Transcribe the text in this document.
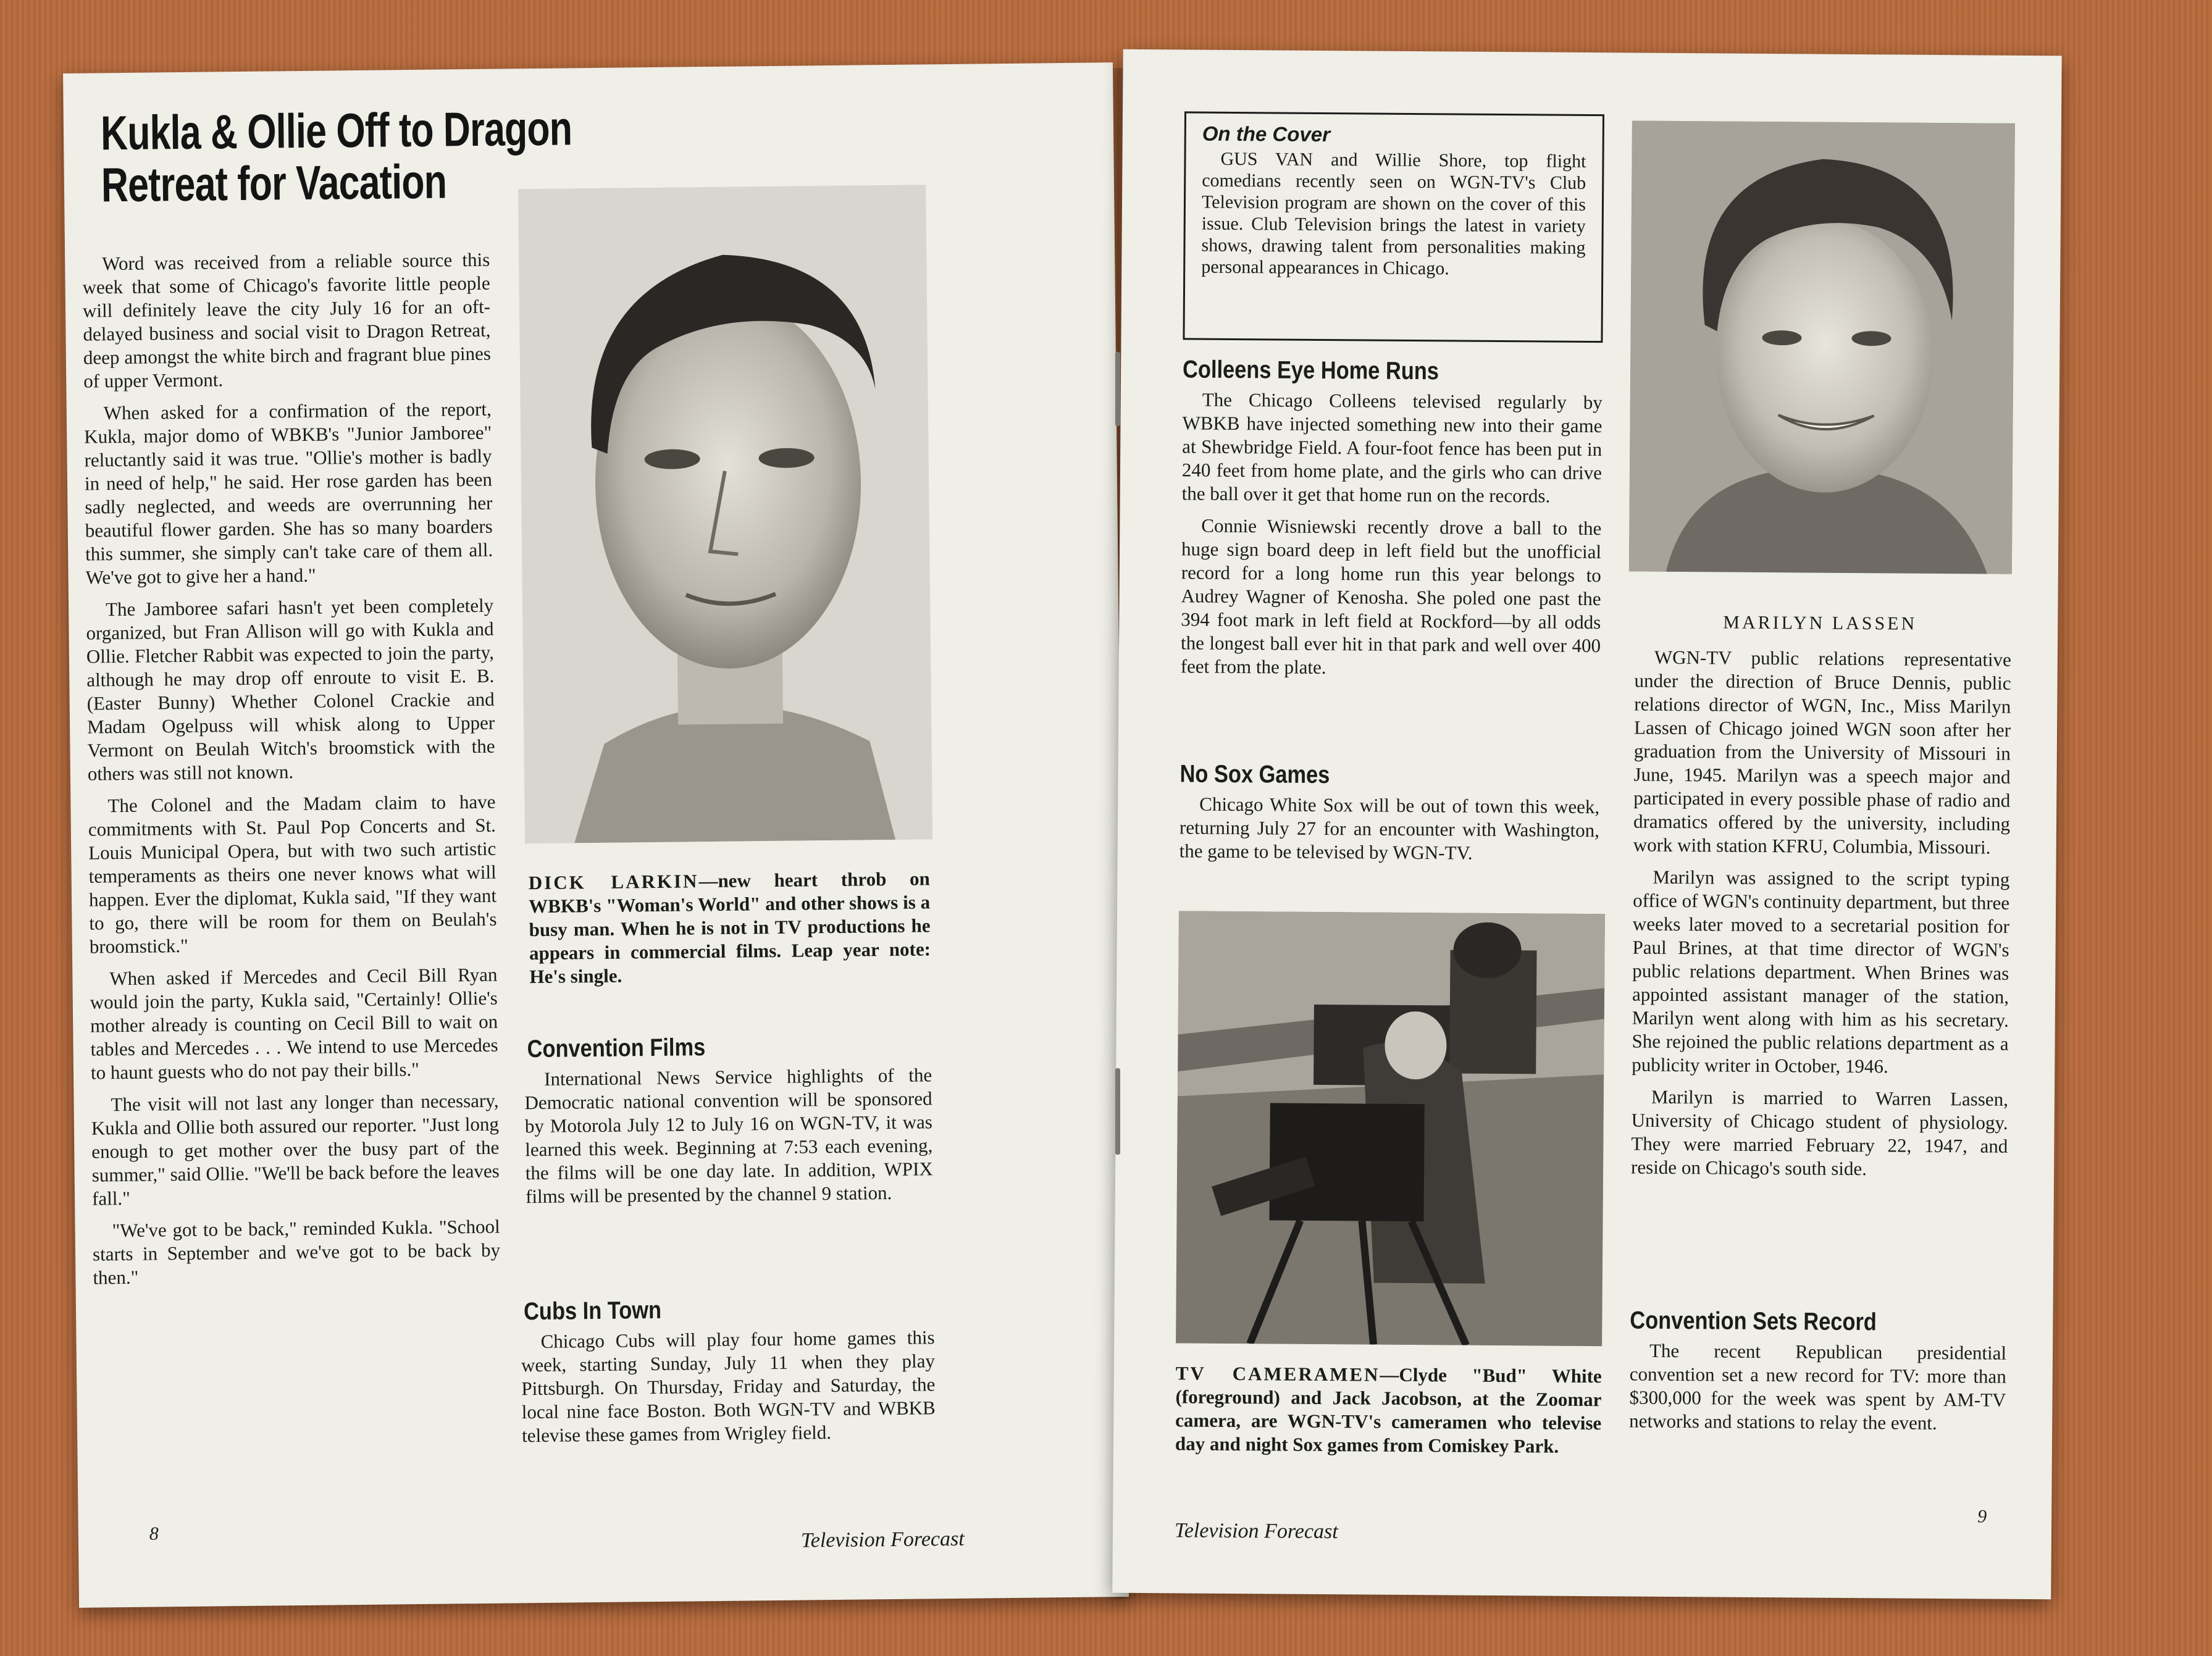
Kukla & Ollie Off to Dragon Retreat for Vacation

Word was received from a reliable source this week that some of Chicago's favorite little people will definitely leave the city July 16 for an oft-delayed business and social visit to Dragon Retreat, deep amongst the white birch and fragrant blue pines of upper Vermont.

When asked for a confirmation of the report, Kukla, major domo of WBKB's "Junior Jamboree" reluctantly said it was true. "Ollie's mother is badly in need of help," he said. Her rose garden has been sadly neglected, and weeds are overrunning her beautiful flower garden. She has so many boarders this summer, she simply can't take care of them all. We've got to give her a hand."

The Jamboree safari hasn't yet been completely organized, but Fran Allison will go with Kukla and Ollie. Fletcher Rabbit was expected to join the party, although he may drop off enroute to visit E. B. (Easter Bunny) Whether Colonel Crackie and Madam Ogelpuss will whisk along to Upper Vermont on Beulah Witch's broomstick with the others was still not known.

The Colonel and the Madam claim to have commitments with St. Paul Pop Concerts and St. Louis Municipal Opera, but with two such artistic temperaments as theirs one never knows what will happen. Ever the diplomat, Kukla said, "If they want to go, there will be room for them on Beulah's broomstick."

When asked if Mercedes and Cecil Bill Ryan would join the party, Kukla said, "Certainly! Ollie's mother already is counting on Cecil Bill to wait on tables and Mercedes . . . We intend to use Mercedes to haunt guests who do not pay their bills."

The visit will not last any longer than necessary, Kukla and Ollie both assured our reporter. "Just long enough to get mother over the busy part of the summer," said Ollie. "We'll be back before the leaves fall."

"We've got to be back," reminded Kukla. "School starts in September and we've got to be back by then."

DICK LARKIN—new heart throb on WBKB's "Woman's World" and other shows is a busy man. When he is not in TV productions he appears in commercial films. Leap year note: He's single.
Convention Films

International News Service highlights of the Democratic national convention will be sponsored by Motorola July 12 to July 16 on WGN-TV, it was learned this week. Beginning at 7:53 each evening, the films will be one day late. In addition, WPIX films will be presented by the channel 9 station.

Cubs In Town

Chicago Cubs will play four home games this week, starting Sunday, July 11 when they play Pittsburgh. On Thursday, Friday and Saturday, the local nine face Boston. Both WGN-TV and WBKB televise these games from Wrigley field.

8	Television Forecast
On the Cover
GUS VAN and Willie Shore, top flight comedians recently seen on WGN-TV's Club Television program are shown on the cover of this issue. Club Television brings the latest in variety shows, drawing talent from personalities making personal appearances in Chicago.
Colleens Eye Home Runs

The Chicago Colleens televised regularly by WBKB have injected something new into their game at Shewbridge Field. A four-foot fence has been put in 240 feet from home plate, and the girls who can drive the ball over it get that home run on the records.

Connie Wisniewski recently drove a ball to the huge sign board deep in left field but the unofficial record for a long home run this year belongs to Audrey Wagner of Kenosha. She poled one past the 394 foot mark in left field at Rockford—by all odds the longest ball ever hit in that park and well over 400 feet from the plate.

No Sox Games

Chicago White Sox will be out of town this week, returning July 27 for an encounter with Washington, the game to be televised by WGN-TV.

TV CAMERAMEN—Clyde "Bud" White (foreground) and Jack Jacobson, at the Zoomar camera, are WGN-TV's cameramen who televise day and night Sox games from Comiskey Park.
Television Forecast
MARILYN LASSEN

WGN-TV public relations representative under the direction of Bruce Dennis, public relations director of WGN, Inc., Miss Marilyn Lassen of Chicago joined WGN soon after her graduation from the University of Missouri in June, 1945. Marilyn was a speech major and participated in every possible phase of radio and dramatics offered by the university, including work with station KFRU, Columbia, Missouri.

Marilyn was assigned to the script typing office of WGN's continuity department, but three weeks later moved to a secretarial position for Paul Brines, at that time director of WGN's public relations department. When Brines was appointed assistant manager of the station, Marilyn went along with him as his secretary. She rejoined the public relations department as a publicity writer in October, 1946.

Marilyn is married to Warren Lassen, University of Chicago student of physiology. They were married February 22, 1947, and reside on Chicago's south side.

Convention Sets Record

The recent Republican presidential convention set a new record for TV: more than $300,000 for the week was spent by AM-TV networks and stations to relay the event.

9
